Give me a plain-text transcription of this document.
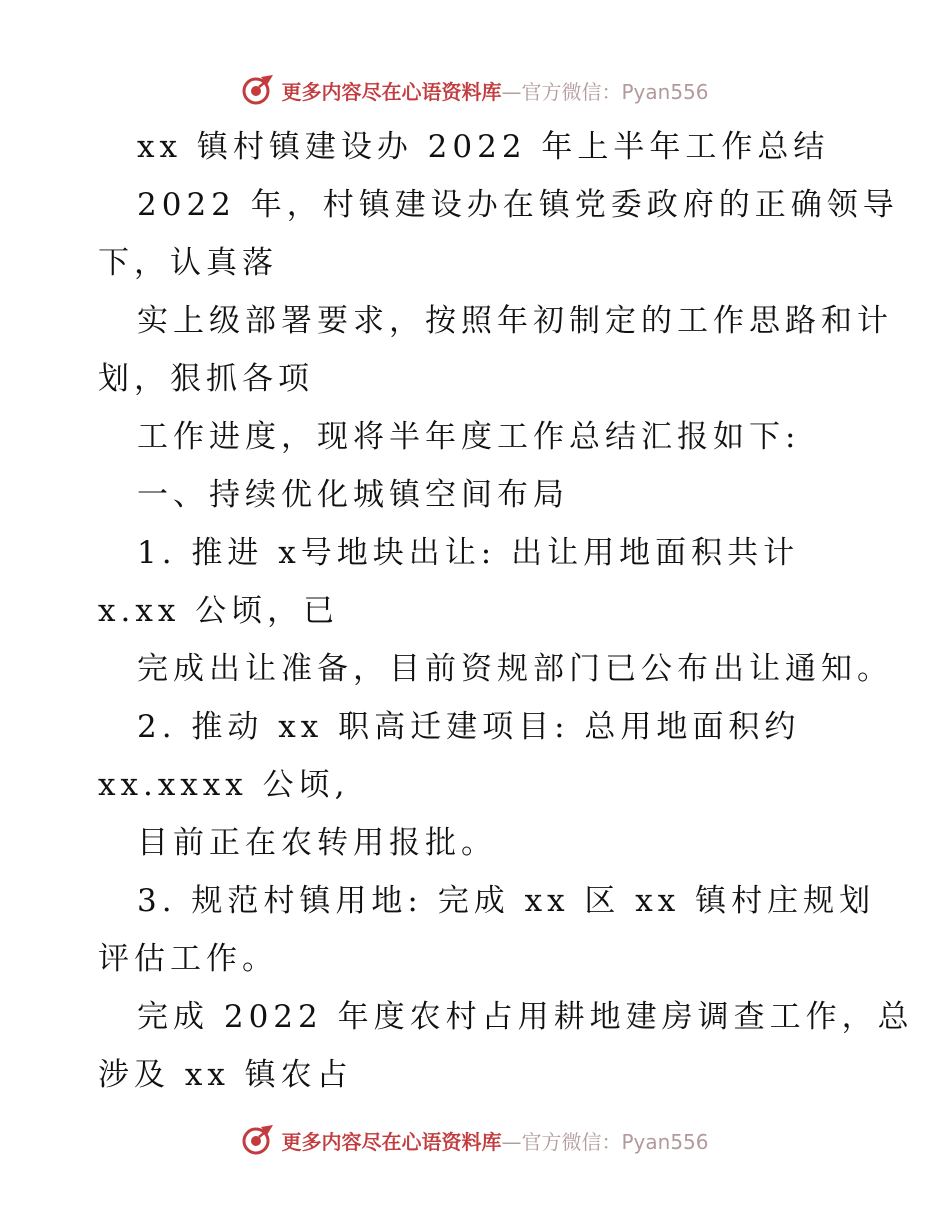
更多内容尽在心语资料库—官方微信：Pyan556
xx 镇村镇建设办 2022 年上半年工作总结
2022 年，村镇建设办在镇党委政府的正确领导
下，认真落
实上级部署要求，按照年初制定的工作思路和计
划，狠抓各项
工作进度，现将半年度工作总结汇报如下:
一、持续优化城镇空间布局
1. 推进 x号地块出让: 出让用地面积共计
x.xx 公顷，已
完成出让准备，目前资规部门已公布出让通知。
2. 推动 xx 职高迁建项目: 总用地面积约
xx.xxxx 公顷,
目前正在农转用报批。
3. 规范村镇用地: 完成 xx 区 xx 镇村庄规划
评估工作。
完成 2022 年度农村占用耕地建房调查工作，总
涉及 xx 镇农占
更多内容尽在心语资料库—官方微信：Pyan556
